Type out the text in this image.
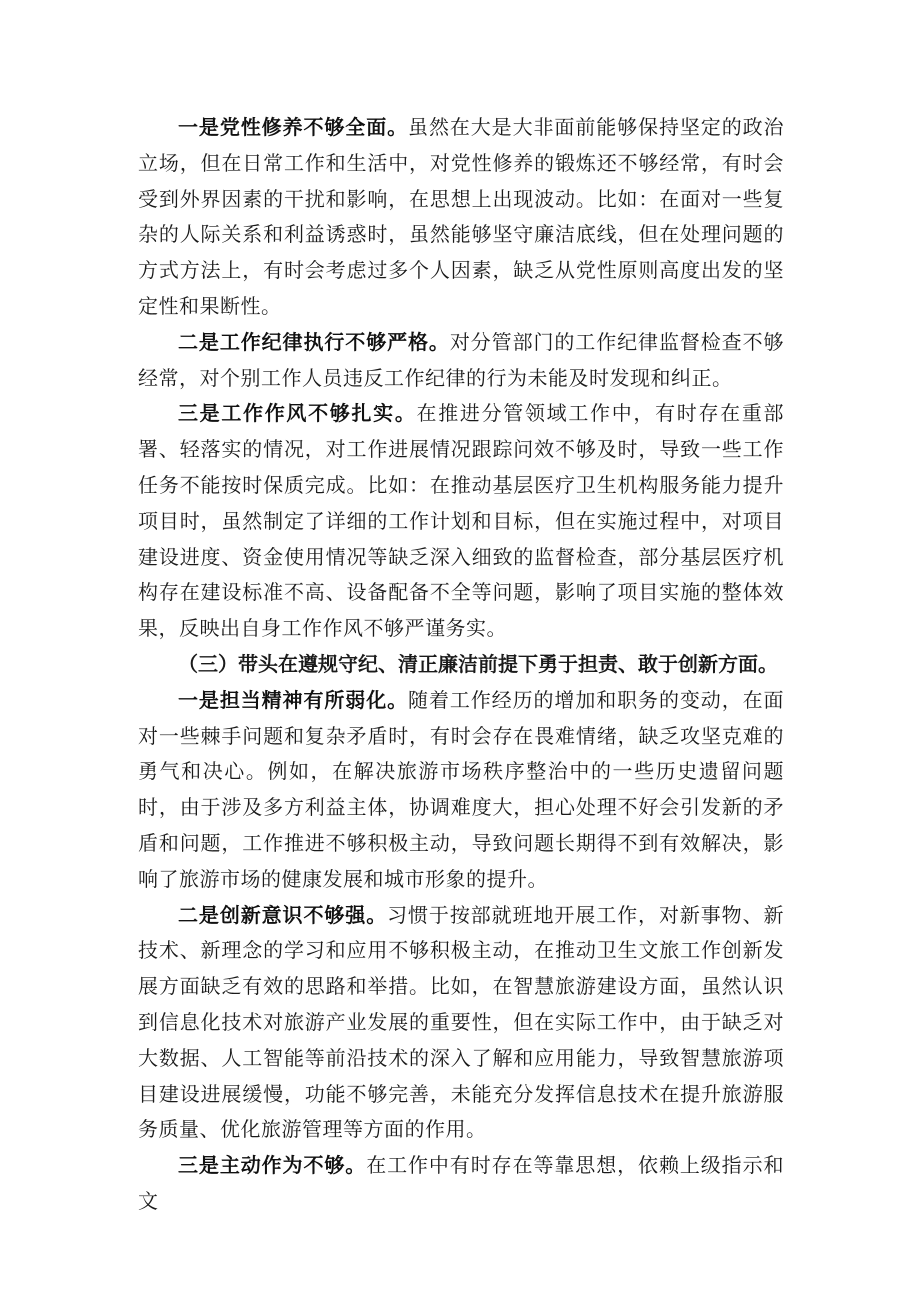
一是党性修养不够全面。虽然在大是大非面前能够保持坚定的政治立场，但在日常工作和生活中，对党性修养的锻炼还不够经常，有时会受到外界因素的干扰和影响，在思想上出现波动。比如：在面对一些复杂的人际关系和利益诱惑时，虽然能够坚守廉洁底线，但在处理问题的方式方法上，有时会考虑过多个人因素，缺乏从党性原则高度出发的坚定性和果断性。

二是工作纪律执行不够严格。对分管部门的工作纪律监督检查不够经常，对个别工作人员违反工作纪律的行为未能及时发现和纠正。

三是工作作风不够扎实。在推进分管领域工作中，有时存在重部署、轻落实的情况，对工作进展情况跟踪问效不够及时，导致一些工作任务不能按时保质完成。比如：在推动基层医疗卫生机构服务能力提升项目时，虽然制定了详细的工作计划和目标，但在实施过程中，对项目建设进度、资金使用情况等缺乏深入细致的监督检查，部分基层医疗机构存在建设标准不高、设备配备不全等问题，影响了项目实施的整体效果，反映出自身工作作风不够严谨务实。

（三）带头在遵规守纪、清正廉洁前提下勇于担责、敢于创新方面。

一是担当精神有所弱化。随着工作经历的增加和职务的变动，在面对一些棘手问题和复杂矛盾时，有时会存在畏难情绪，缺乏攻坚克难的勇气和决心。例如，在解决旅游市场秩序整治中的一些历史遗留问题时，由于涉及多方利益主体，协调难度大，担心处理不好会引发新的矛盾和问题，工作推进不够积极主动，导致问题长期得不到有效解决，影响了旅游市场的健康发展和城市形象的提升。

二是创新意识不够强。习惯于按部就班地开展工作，对新事物、新技术、新理念的学习和应用不够积极主动，在推动卫生文旅工作创新发展方面缺乏有效的思路和举措。比如，在智慧旅游建设方面，虽然认识到信息化技术对旅游产业发展的重要性，但在实际工作中，由于缺乏对大数据、人工智能等前沿技术的深入了解和应用能力，导致智慧旅游项目建设进展缓慢，功能不够完善，未能充分发挥信息技术在提升旅游服务质量、优化旅游管理等方面的作用。

三是主动作为不够。在工作中有时存在等靠思想，依赖上级指示和文
